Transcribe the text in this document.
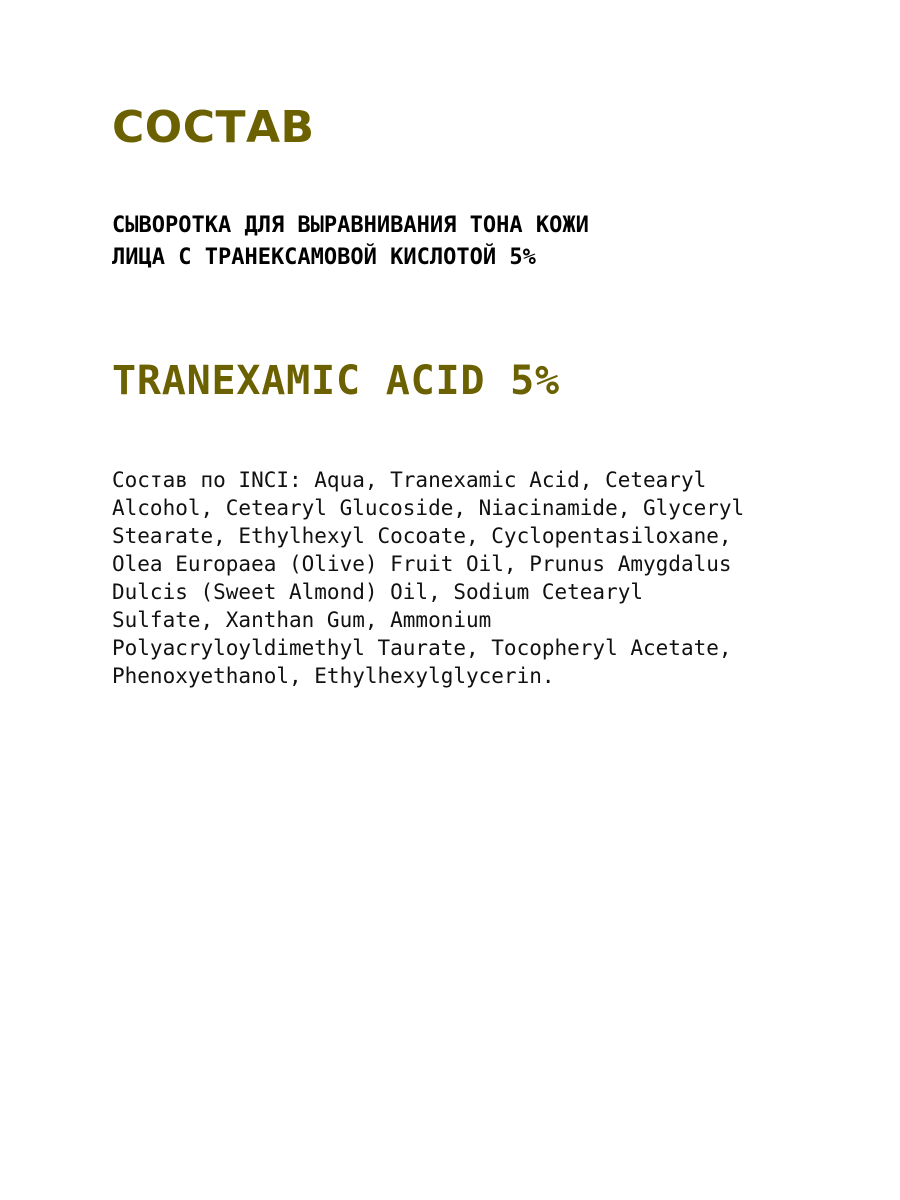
СОСТАВ
СЫВОРОТКА ДЛЯ ВЫРАВНИВАНИЯ ТОНА КОЖИ
ЛИЦА С ТРАНЕКСАМОВОЙ КИСЛОТОЙ 5%
TRANEXAMIC ACID 5%
Состав по INCI: Aqua, Tranexamic Acid, Cetearyl
Alcohol, Cetearyl Glucoside, Niacinamide, Glyceryl
Stearate, Ethylhexyl Cocoate, Cyclopentasiloxane,
Olea Europaea (Olive) Fruit Oil, Prunus Amygdalus
Dulcis (Sweet Almond) Oil, Sodium Cetearyl
Sulfate, Xanthan Gum, Ammonium
Polyacryloyldimethyl Taurate, Tocopheryl Acetate,
Phenoxyethanol, Ethylhexylglycerin.
